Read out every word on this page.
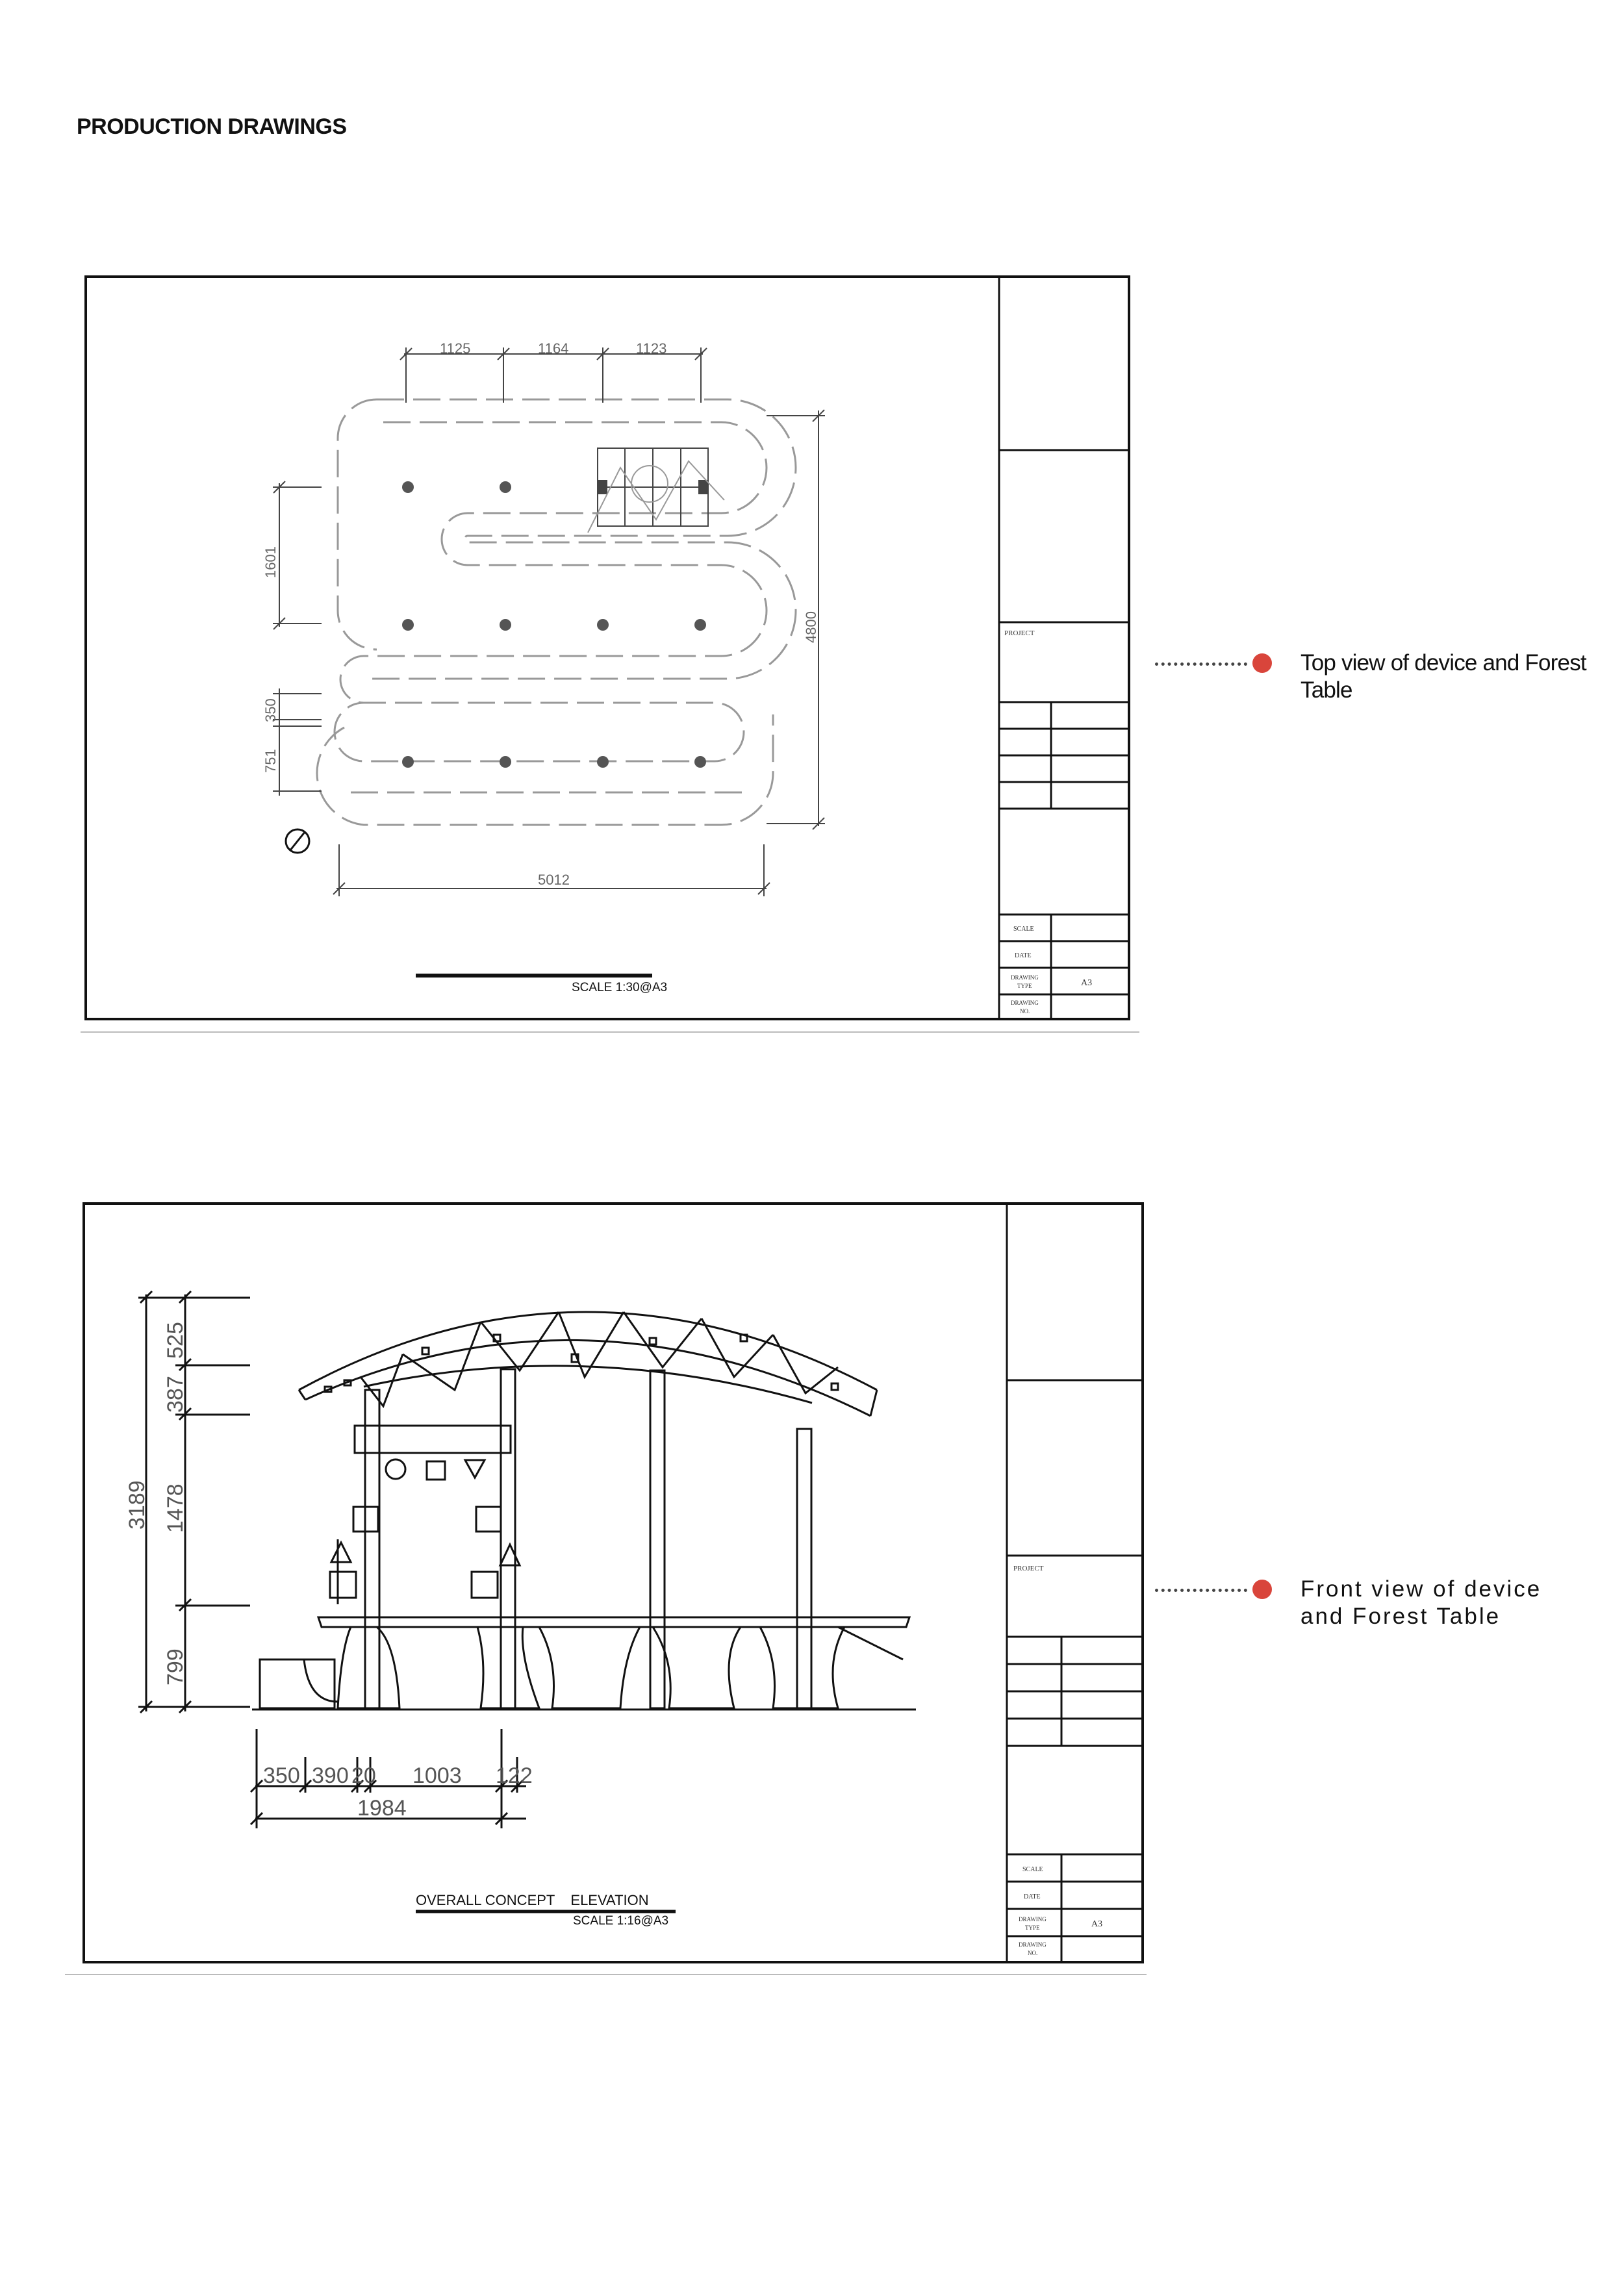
PRODUCTION DRAWINGS
PROJECT
SCALE
DATE
DRAWING
TYPE	A3
DRAWING
NO.
1125	1164	1123
1601
350
751
4800
5012
SCALE 1:30@A3
PROJECT
SCALE
DATE
DRAWING
TYPE	A3
DRAWING
NO.
3189
525
387
1478
799
350 390 20 1003 122
1984
OVERALL CONCEPT    ELEVATION
SCALE 1:16@A3
Top view of device and Forest Table
Front view of device and Forest Table
